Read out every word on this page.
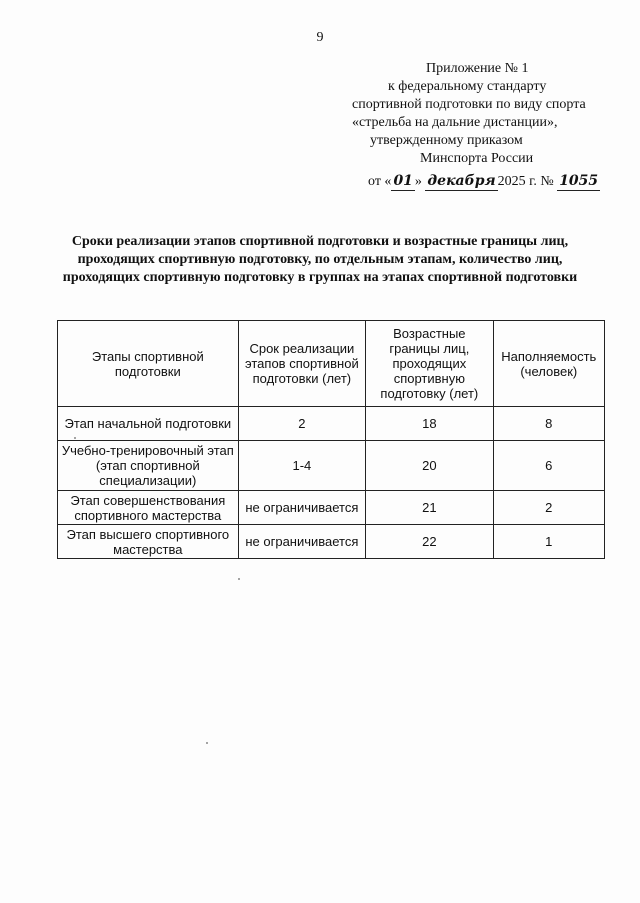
9
Приложение № 1
к федеральному стандарту
спортивной подготовки по виду спорта
«стрельба на дальние дистанции»,
утвержденному приказом
Минспорта России
от « 01 » декабря 2025 г. № 1055
Сроки реализации этапов спортивной подготовки и возрастные границы лиц, проходящих спортивную подготовку, по отдельным этапам, количество лиц, проходящих спортивную подготовку в группах на этапах спортивной подготовки
Этапы спортивной подготовки	Срок реализации этапов спортивной подготовки (лет)	Возрастные границы лиц, проходящих спортивную подготовку (лет)	Наполняемость (человек)
Этап начальной подготовки	2	18	8
Учебно-тренировочный этап (этап спортивной специализации)	1-4	20	6
Этап совершенствования спортивного мастерства	не ограничивается	21	2
Этап высшего спортивного мастерства	не ограничивается	22	1
